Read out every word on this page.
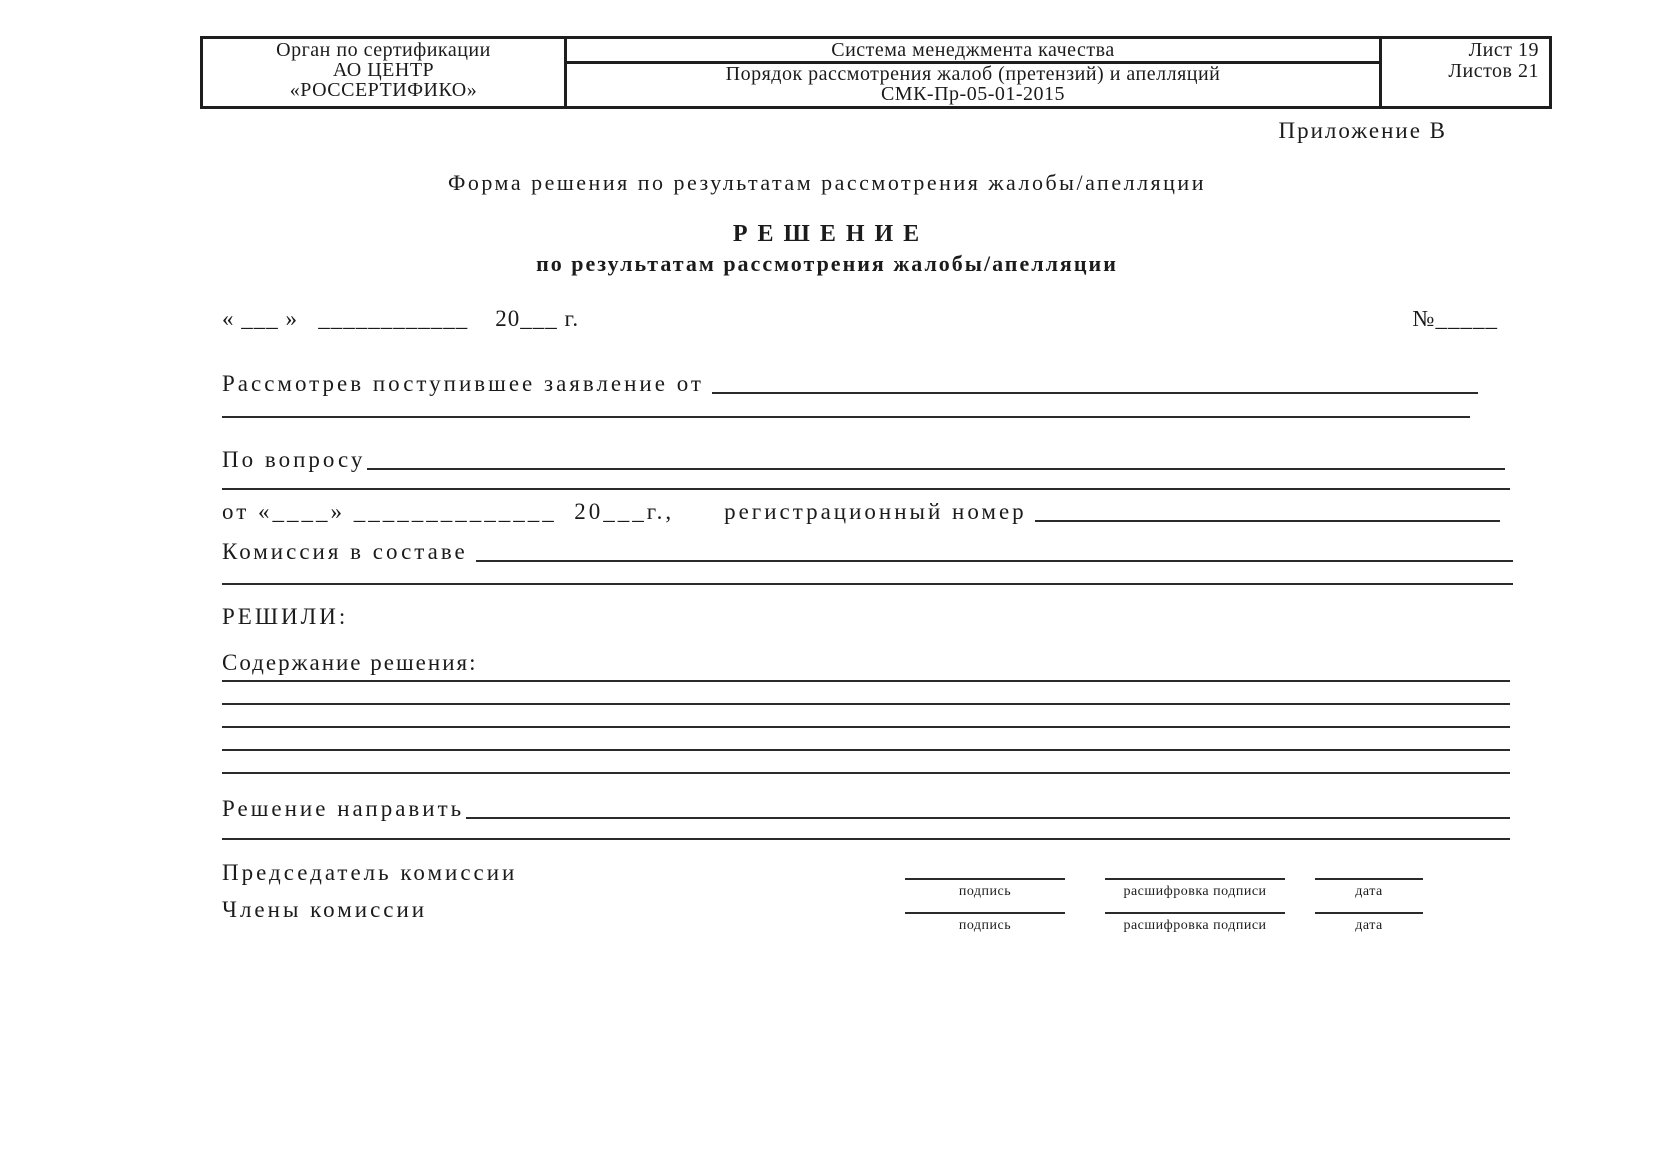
Орган по сертификации
АО ЦЕНТР
«РОССЕРТИФИКО»
Система менеджмента качества
Порядок рассмотрения жалоб (претензий) и апелляций
СМК-Пр-05-01-2015
Лист 19
Листов 21
Приложение В
Форма решения по результатам рассмотрения жалобы/апелляции
Р Е Ш Е Н И Е
по результатам рассмотрения жалобы/апелляции
« ___ »   ____________    20___ г.	№_____
Рассмотрев поступившее заявление от
По вопросу
от «____» ______________  20___г., регистрационный номер
Комиссия в составе
РЕШИЛИ:
Содержание решения:
Решение направить
Председатель комиссии
подпись	расшифровка подписи	дата
Члены комиссии
подпись	расшифровка подписи	дата
